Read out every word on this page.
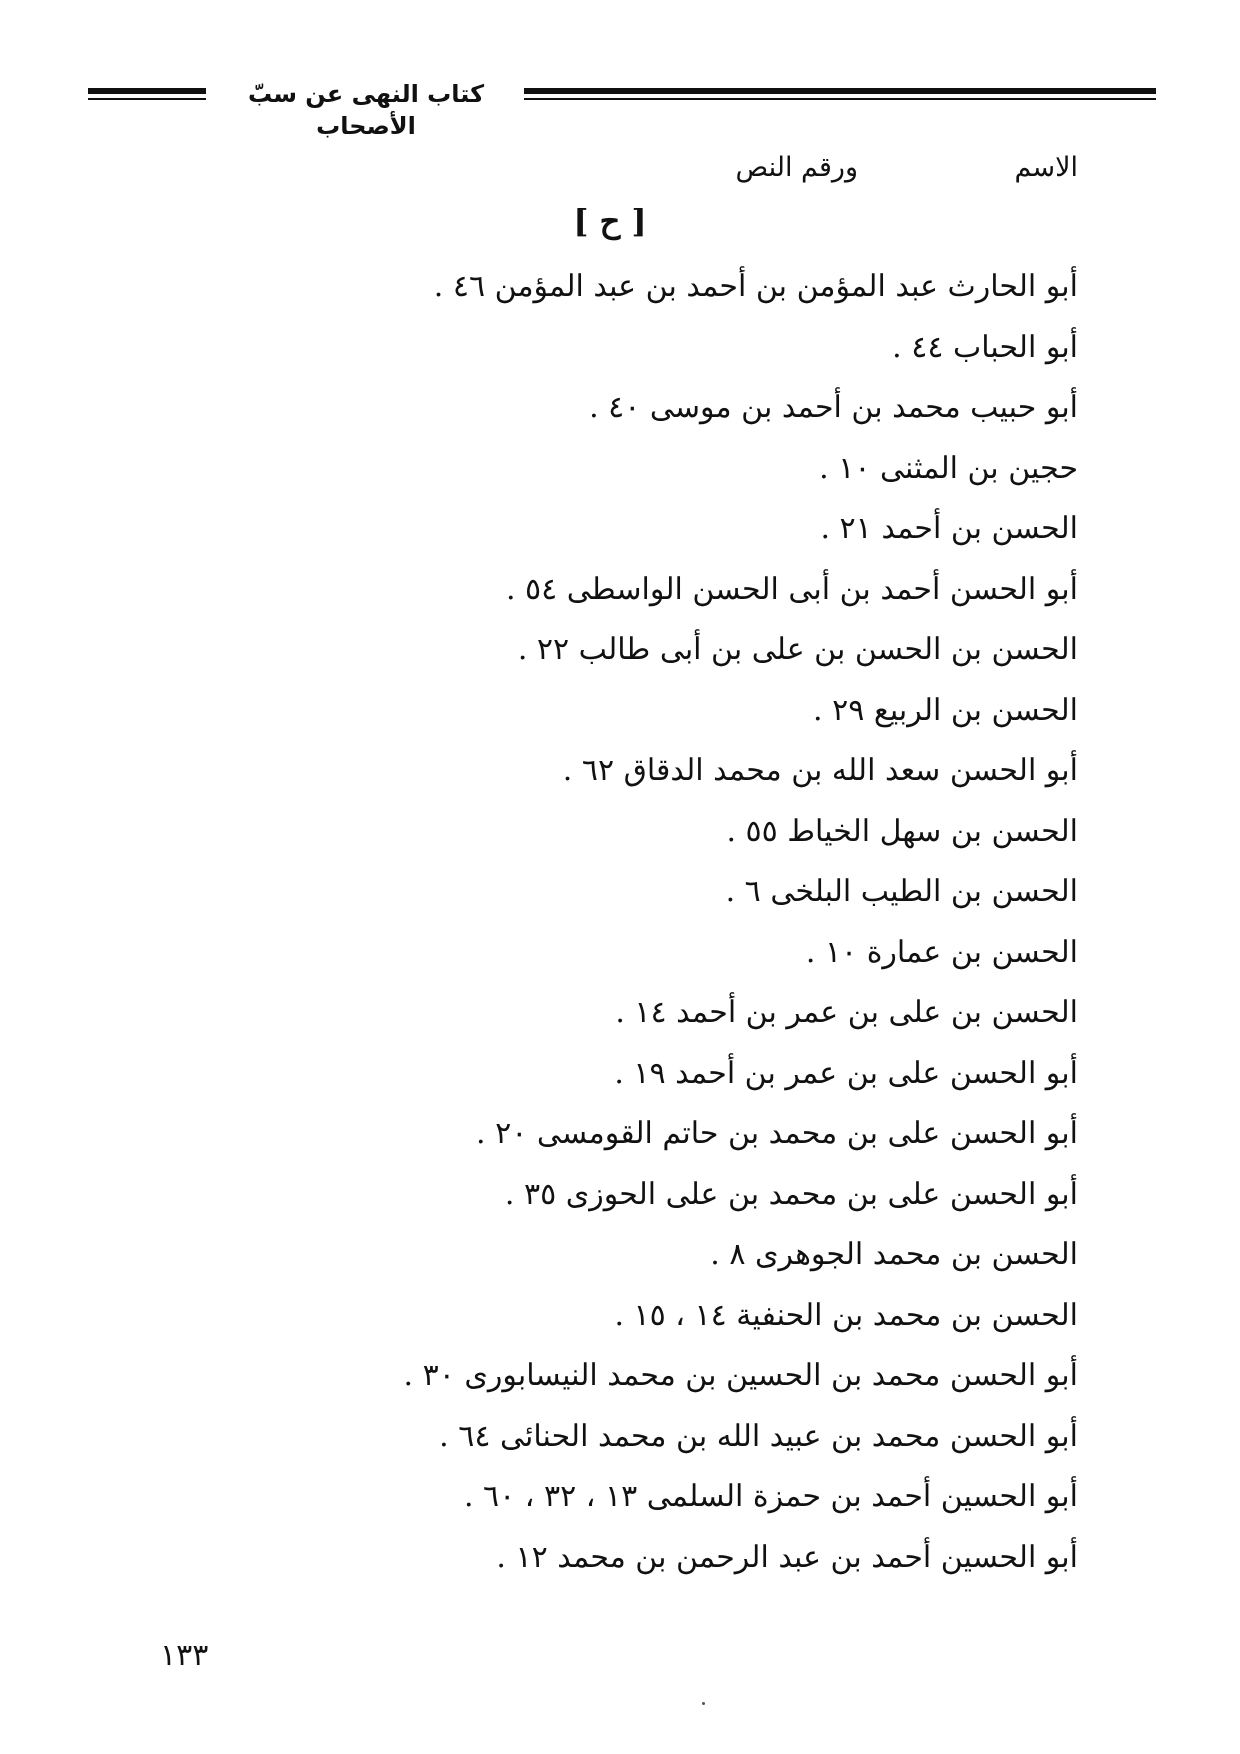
كتاب النهى عن سبّ الأصحاب
الاسم
ورقم النص
[ ح ]
أبو الحارث عبد المؤمن بن أحمد بن عبد المؤمن ٤٦ .
أبو الحباب ٤٤ .
أبو حبيب محمد بن أحمد بن موسى ٤٠ .
حجين بن المثنى ١٠ .
الحسن بن أحمد ٢١ .
أبو الحسن أحمد بن أبى الحسن الواسطى ٥٤ .
الحسن بن الحسن بن على بن أبى طالب ٢٢ .
الحسن بن الربيع ٢٩ .
أبو الحسن سعد الله بن محمد الدقاق ٦٢ .
الحسن بن سهل الخياط ٥٥ .
الحسن بن الطيب البلخى ٦ .
الحسن بن عمارة ١٠ .
الحسن بن على بن عمر بن أحمد ١٤ .
أبو الحسن على بن عمر بن أحمد ١٩ .
أبو الحسن على بن محمد بن حاتم القومسى ٢٠ .
أبو الحسن على بن محمد بن على الحوزى ٣٥ .
الحسن بن محمد الجوهرى ٨ .
الحسن بن محمد بن الحنفية ١٤ ، ١٥ .
أبو الحسن محمد بن الحسين بن محمد النيسابورى ٣٠ .
أبو الحسن محمد بن عبيد الله بن محمد الحنائى ٦٤ .
أبو الحسين أحمد بن حمزة السلمى ١٣ ، ٣٢ ، ٦٠ .
أبو الحسين أحمد بن عبد الرحمن بن محمد ١٢ .
١٣٣
